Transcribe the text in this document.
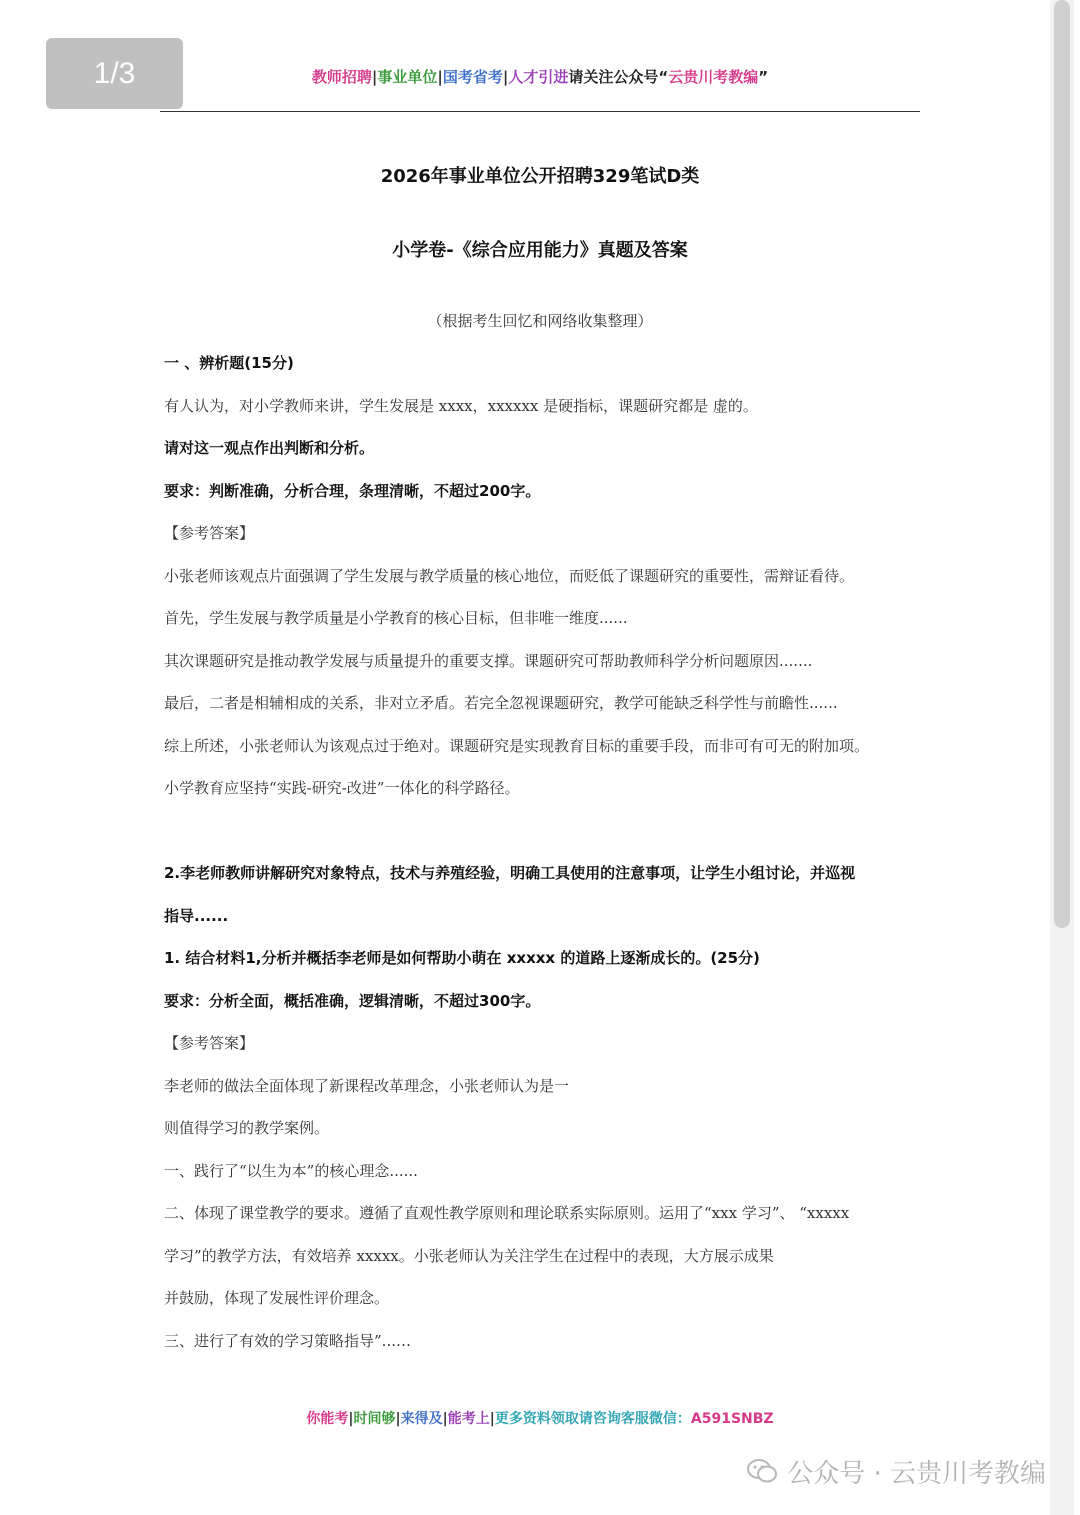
1/3	教师招聘|事业单位|国考省考|人才引进请关注公众号“云贵川考教编”
2026年事业单位公开招聘329笔试D类
小学卷-《综合应用能力》真题及答案
（根据考生回忆和网络收集整理）
一 、辨析题(15分)
有人认为，对小学教师来讲，学生发展是 xxxx，xxxxxx 是硬指标，课题研究都是 虚的。
请对这一观点作出判断和分析。
要求：判断准确，分析合理，条理清晰，不超过200字。
【参考答案】
小张老师该观点片面强调了学生发展与教学质量的核心地位，而贬低了课题研究的重要性，需辩证看待。
首先，学生发展与教学质量是小学教育的核心目标，但非唯一维度......
其次课题研究是推动教学发展与质量提升的重要支撑。课题研究可帮助教师科学分析问题原因.......
最后，二者是相辅相成的关系，非对立矛盾。若完全忽视课题研究，教学可能缺乏科学性与前瞻性......
综上所述，小张老师认为该观点过于绝对。课题研究是实现教育目标的重要手段，而非可有可无的附加项。
小学教育应坚持“实践-研究-改进”一体化的科学路径。
2.李老师教师讲解研究对象特点，技术与养殖经验，明确工具使用的注意事项，让学生小组讨论，并巡视
指导......
1. 结合材料1,分析并概括李老师是如何帮助小萌在 xxxxx 的道路上逐渐成长的。(25分)
要求：分析全面，概括准确，逻辑清晰，不超过300字。
【参考答案】
李老师的做法全面体现了新课程改革理念，小张老师认为是一
则值得学习的教学案例。
一、践行了“以生为本”的核心理念......
二、体现了课堂教学的要求。遵循了直观性教学原则和理论联系实际原则。运用了“xxx 学习”、 “xxxxx
学习”的教学方法，有效培养 xxxxx。小张老师认为关注学生在过程中的表现，大方展示成果
并鼓励，体现了发展性评价理念。
三、进行了有效的学习策略指导”...…
你能考|时间够|来得及|能考上|更多资料领取请咨询客服微信：A591SNBZ
公众号 · 云贵川考教编
